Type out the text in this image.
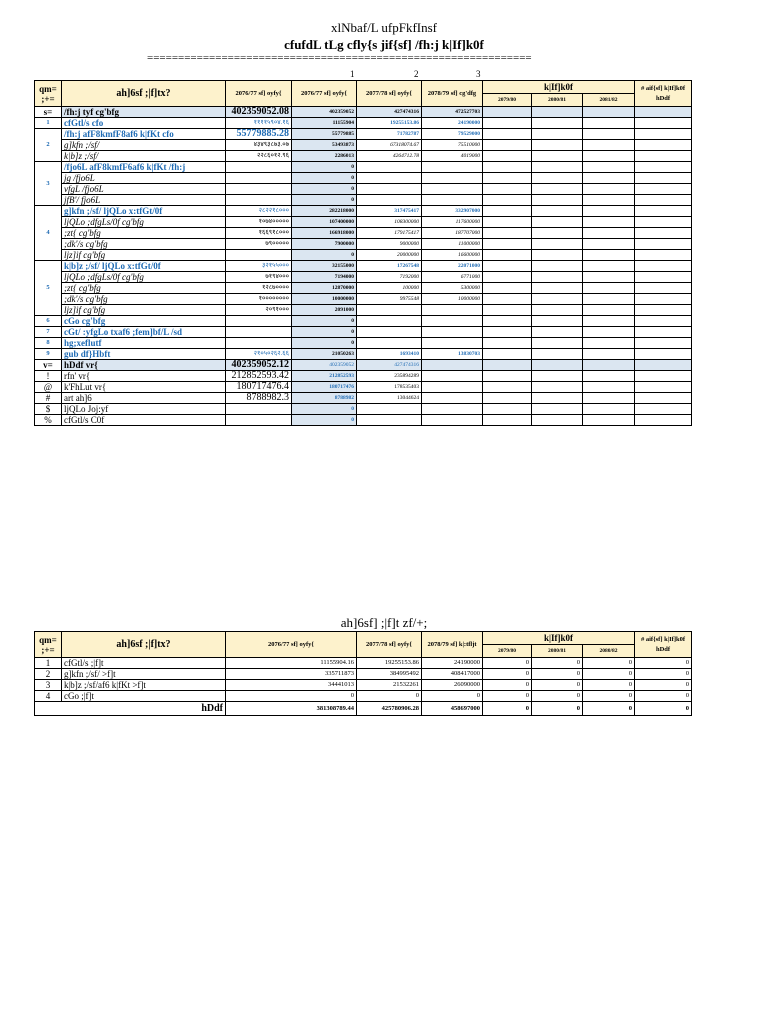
xlNbaf/L ufpFkfInsf
cfufdL tLg cfly{s jif{sf] /fh:j k|If]k0f
==============================================================
1	2	3
qm= ;+=	ah]6sf ;|f]tx?	2076/77 sf] oyfy{	2076/77 sf] oyfy{	2077/78 sf] oyfy{	2078/79 sf] cg'dfg	k|If]k0f			# aif{sf] k|If]k0f hDdf
						2079/80	2080/81	2081/82	
s=	/fh:j tyf cg'bfg	402359052.08	402359052	427474316	472527703				
1	cfGtl/s cfo	११११५९०४.१६	11155904	19255153.86	24190000				
2	/fh:j afF8kmfF8af6 k|fKt cfo	55779885.28	55779885	71782787	79529000				
	g]kfn ;/sf/	४३४९३८७३.०७	53493873	67318074.67	75510000				
	k|b]z ;/sf/	२२८६०१२.९६	2286013	4264712.78	4019000				
3	/fjo6L afF8kmfF6af6 k|fKt /fh:j		0						
	jg /fjo6L		0						
	vfgL /fjo6L		0						
	jfB'/ fjo6L		0						
4	g]kfn ;/sf/ ljQLo x:tfGt/0f	२८२२१८०००	282218000	317475417	332907000				
	ljQLo ;dfgLs/0f cg'bfg	१०७४०००००	107400000	108300000	117600000				
	;zt{ cg'bfg	१६६९१८०००	166918000	179175417	187707000				
	;dk'/s cg'bfg	७९०००००	7900000	9000000	11000000				
	ljz]if cg'bfg		0	20000000	16600000				
5	k|b]z ;/sf/ ljQLo x:tfGt/0f	३२१५५०००	32155000	17267548	22071000				
	ljQLo ;dfgLs/0f cg'bfg	७१९४०००	7194000	7192000	6771000				
	;zt{ cg'bfg	१२८७००००	12870000	100000	5300000				
	;dk'/s cg'bfg	१००००००००	10000000	9975548	10000000				
	ljz]if cg'bfg	२०९१०००	2091000						
6	cGo cg'bfg		0						
7	cGt/ :yfgLo txaf6 ;fem]bf/L /sd		0						
8	hg;xeflutf		0						
9	gub df}Hbft	२१०५०२६२.६६	21050263	1693410	13830703				
v=	hDdf vr{	402359052.12	402359052	427474316					
!	rfn' vr{	212852593.42	212852593	235894289					
@	k'FhLut vr{	180717476.4	180717476	178535403					
#	art ah]6	8788982.3	8788982	13044624					
$	ljQLo Joj:yf		0						
%	cfGtl/s C0f		0						
ah]6sf] ;|f]t zf/+;
qm= ;+=	ah]6sf ;|f]tx?	2076/77 sf] oyfy{	2077/78 sf] oyfy{	2078/79 sf] k|:tfljt	k|If]k0f			# aif{sf] k|If]k0f hDdf
					2079/80	2080/81	2080/82	
1	cfGtl/s ;|f]t	11155904.16	19255153.86	24190000	0	0	0	0
2	g]kfn ;/sf/ >f]t	335711873	384995492	408417000	0	0	0	0
3	k|b]z ;/sf/af6 k|fKt >f]t	34441013	21532261	26090000	0	0	0	0
4	cGo ;|f]t	0	0	0	0	0	0	0
hDdf		381308789.44	425780906.28	458697000	0	0	0	0
